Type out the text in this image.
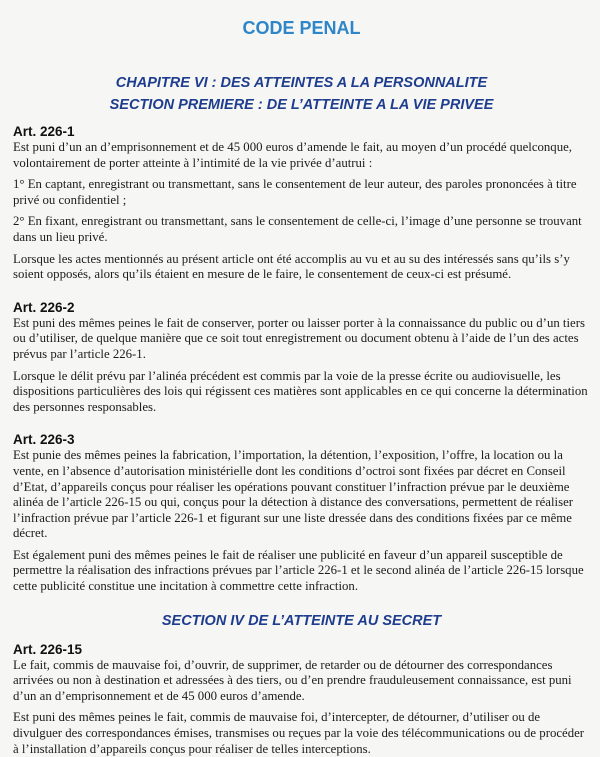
CODE PENAL
CHAPITRE VI : DES ATTEINTES A LA PERSONNALITE
SECTION PREMIERE : DE L’ATTEINTE A LA VIE PRIVEE
Art. 226-1

Est puni d’un an d’emprisonnement et de 45 000 euros d’amende le fait, au moyen d’un procédé quelconque, volontairement de porter atteinte à l’intimité de la vie privée d’autrui :

1° En captant, enregistrant ou transmettant, sans le consentement de leur auteur, des paroles prononcées à titre privé ou confidentiel ;

2° En fixant, enregistrant ou transmettant, sans le consentement de celle-ci, l’image d’une personne se trouvant dans un lieu privé.

Lorsque les actes mentionnés au présent article ont été accomplis au vu et au su des intéressés sans qu’ils s’y soient opposés, alors qu’ils étaient en mesure de le faire, le consentement de ceux-ci est présumé.

Art. 226-2

Est puni des mêmes peines le fait de conserver, porter ou laisser porter à la connaissance du public ou d’un tiers ou d’utiliser, de quelque manière que ce soit tout enregistrement ou document obtenu à l’aide de l’un des actes prévus par l’article 226-1.

Lorsque le délit prévu par l’alinéa précédent est commis par la voie de la presse écrite ou audiovisuelle, les dispositions particulières des lois qui régissent ces matières sont applicables en ce qui concerne la détermination des personnes responsables.

Art. 226-3

Est punie des mêmes peines la fabrication, l’importation, la détention, l’exposition, l’offre, la location ou la vente, en l’absence d’autorisation ministérielle dont les conditions d’octroi sont fixées par décret en Conseil d’Etat, d’appareils conçus pour réaliser les opérations pouvant constituer l’infraction prévue par le deuxième alinéa de l’article 226-15 ou qui, conçus pour la détection à distance des conversations, permettent de réaliser l’infraction prévue par l’article 226-1 et figurant sur une liste dressée dans des conditions fixées par ce même décret.

Est également puni des mêmes peines le fait de réaliser une publicité en faveur d’un appareil susceptible de permettre la réalisation des infractions prévues par l’article 226-1 et le second alinéa de l’article 226-15 lorsque cette publicité constitue une incitation à commettre cette infraction.

SECTION IV DE L’ATTEINTE AU SECRET
Art. 226-15

Le fait, commis de mauvaise foi, d’ouvrir, de supprimer, de retarder ou de détourner des correspondances arrivées ou non à destination et adressées à des tiers, ou d’en prendre frauduleusement connaissance, est puni d’un an d’emprisonnement et de 45 000 euros d’amende.

Est puni des mêmes peines le fait, commis de mauvaise foi, d’intercepter, de détourner, d’utiliser ou de divulguer des correspondances émises, transmises ou reçues par la voie des télécommunications ou de procéder à l’installation d’appareils conçus pour réaliser de telles interceptions.
